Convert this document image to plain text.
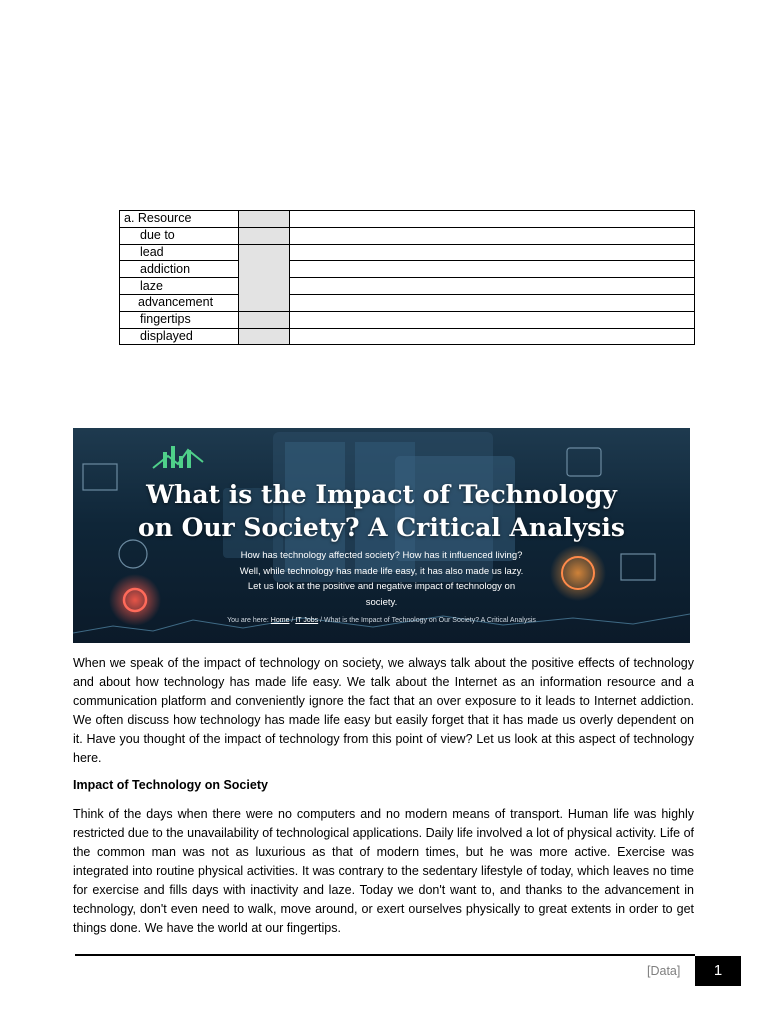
a. Resource		
due to		
lead		
addiction		
laze		
advancement		
fingertips		
displayed		
What is the Impact of Technology
on Our Society? A Critical Analysis
How has technology affected society? How has it influenced living? Well, while technology has made life easy, it has also made us lazy. Let us look at the positive and negative impact of technology on society.
You are here: Home / IT Jobs / What is the Impact of Technology on Our Society? A Critical Analysis
When we speak of the impact of technology on society, we always talk about the positive effects of technology and about how technology has made life easy. We talk about the Internet as an information resource and a communication platform and conveniently ignore the fact that an over exposure to it leads to Internet addiction. We often discuss how technology has made life easy but easily forget that it has made us overly dependent on it. Have you thought of the impact of technology from this point of view? Let us look at this aspect of technology here.
Impact of Technology on Society
Think of the days when there were no computers and no modern means of transport. Human life was highly restricted due to the unavailability of technological applications. Daily life involved a lot of physical activity. Life of the common man was not as luxurious as that of modern times, but he was more active. Exercise was integrated into routine physical activities. It was contrary to the sedentary lifestyle of today, which leaves no time for exercise and fills days with inactivity and laze. Today we don't want to, and thanks to the advancement in technology, don't even need to walk, move around, or exert ourselves physically to great extents in order to get things done. We have the world at our fingertips.
[Data]	1
